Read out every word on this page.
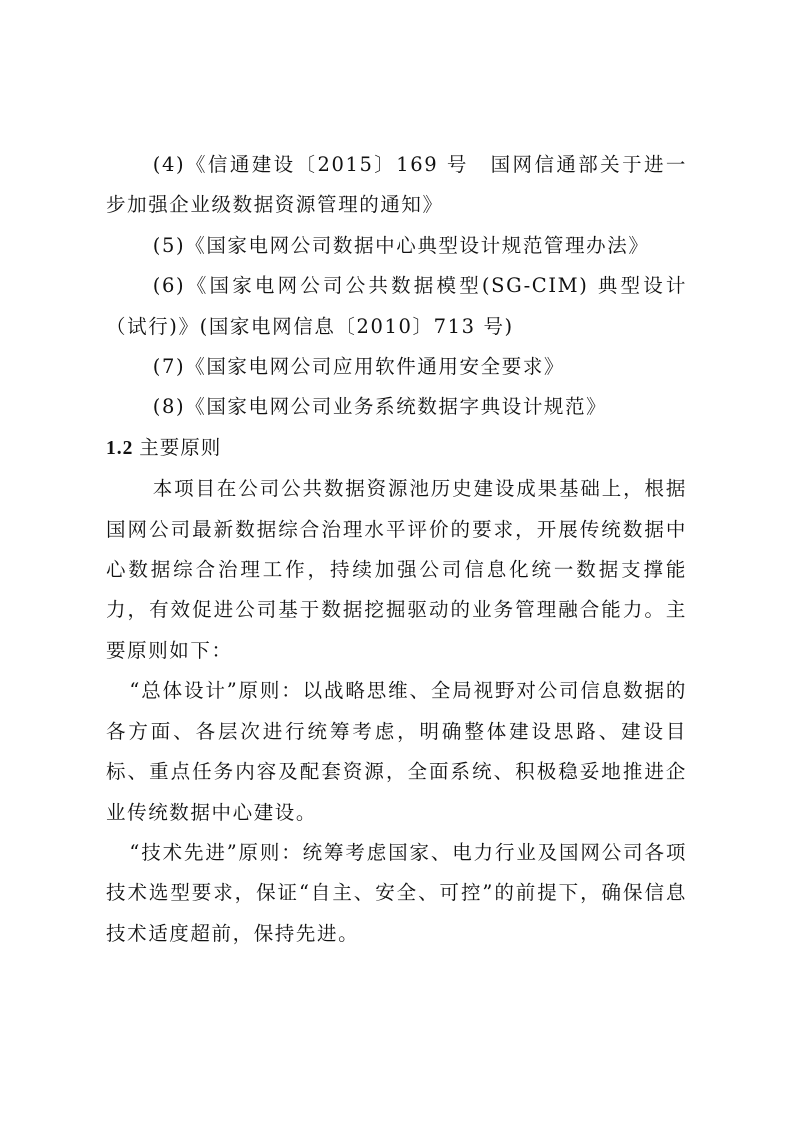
(4)《信通建设〔2015〕169 号　国网信通部关于进一步加强企业级数据资源管理的通知》

(5)《国家电网公司数据中心典型设计规范管理办法》

(6)《国家电网公司公共数据模型(SG-CIM) 典型设计（试行)》(国家电网信息〔2010〕713 号)

(7)《国家电网公司应用软件通用安全要求》

(8)《国家电网公司业务系统数据字典设计规范》

1.2 主要原则

本项目在公司公共数据资源池历史建设成果基础上，根据国网公司最新数据综合治理水平评价的要求，开展传统数据中心数据综合治理工作，持续加强公司信息化统一数据支撑能力，有效促进公司基于数据挖掘驱动的业务管理融合能力。主要原则如下：

“总体设计”原则：以战略思维、全局视野对公司信息数据的各方面、各层次进行统筹考虑，明确整体建设思路、建设目标、重点任务内容及配套资源，全面系统、积极稳妥地推进企业传统数据中心建设。

“技术先进”原则：统筹考虑国家、电力行业及国网公司各项技术选型要求，保证“自主、安全、可控”的前提下，确保信息技术适度超前，保持先进。
